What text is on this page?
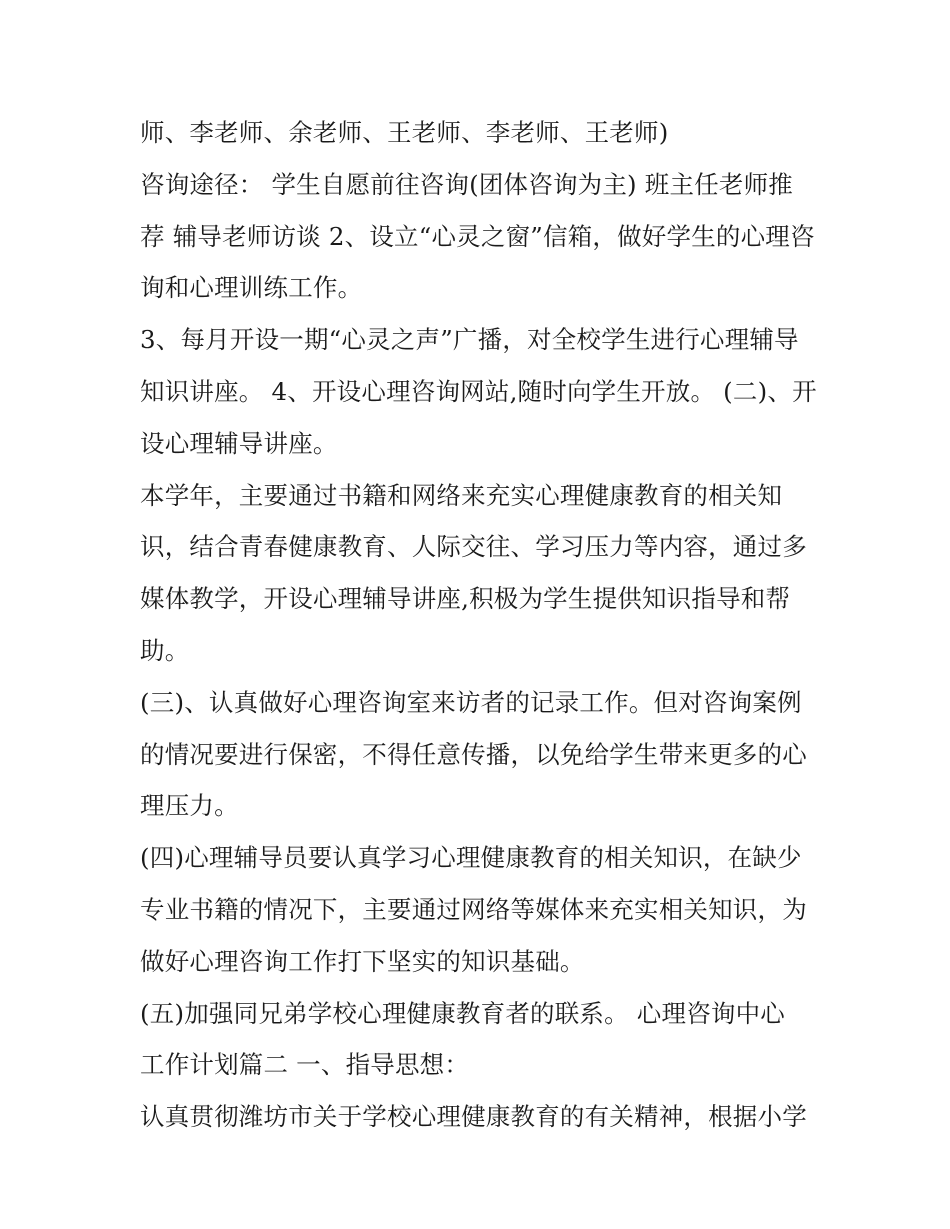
师、李老师、余老师、王老师、李老师、王老师)
咨询途径： 学生自愿前往咨询(团体咨询为主) 班主任老师推
荐 辅导老师访谈 2、设立“心灵之窗”信箱，做好学生的心理咨
询和心理训练工作。
3、每月开设一期“心灵之声”广播，对全校学生进行心理辅导
知识讲座。 4、开设心理咨询网站,随时向学生开放。 (二)、开
设心理辅导讲座。
本学年，主要通过书籍和网络来充实心理健康教育的相关知
识，结合青春健康教育、人际交往、学习压力等内容，通过多
媒体教学，开设心理辅导讲座,积极为学生提供知识指导和帮
助。
(三)、认真做好心理咨询室来访者的记录工作。但对咨询案例
的情况要进行保密，不得任意传播，以免给学生带来更多的心
理压力。
(四)心理辅导员要认真学习心理健康教育的相关知识，在缺少
专业书籍的情况下，主要通过网络等媒体来充实相关知识，为
做好心理咨询工作打下坚实的知识基础。
(五)加强同兄弟学校心理健康教育者的联系。 心理咨询中心
工作计划篇二 一、指导思想：
认真贯彻潍坊市关于学校心理健康教育的有关精神，根据小学
